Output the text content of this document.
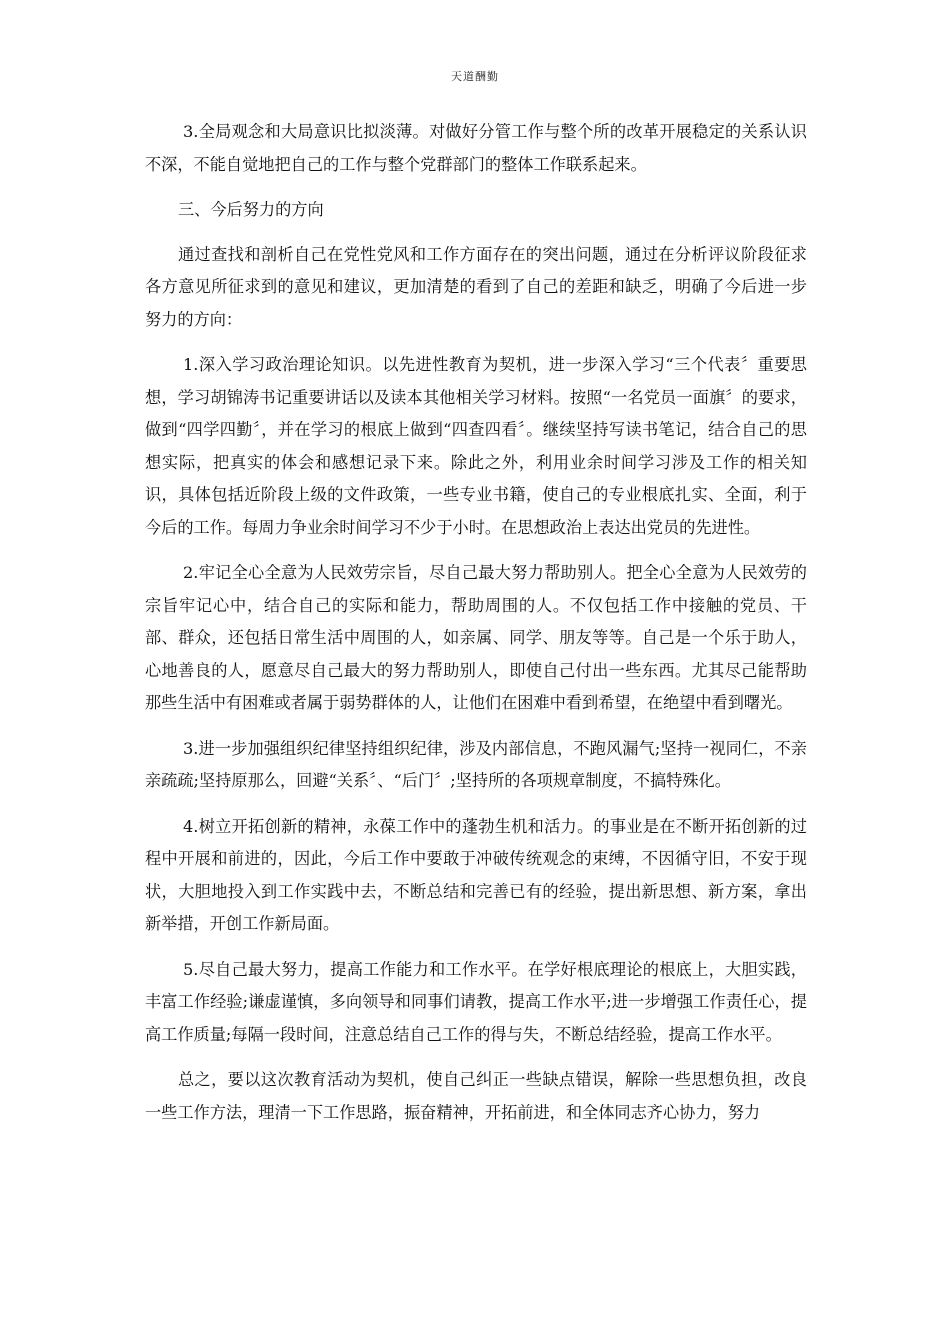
天道酬勤

3.全局观念和大局意识比拟淡薄。对做好分管工作与整个所的改革开展稳定的关系认识不深，不能自觉地把自己的工作与整个党群部门的整体工作联系起来。

三、今后努力的方向

通过查找和剖析自己在党性党风和工作方面存在的突出问题，通过在分析评议阶段征求各方意见所征求到的意见和建议，更加清楚的看到了自己的差距和缺乏，明确了今后进一步努力的方向：

1.深入学习政治理论知识。以先进性教育为契机，进一步深入学习“三个代表〞重要思想，学习胡锦涛书记重要讲话以及读本其他相关学习材料。按照“一名党员一面旗〞的要求，做到“四学四勤〞，并在学习的根底上做到“四查四看〞。继续坚持写读书笔记，结合自己的思想实际，把真实的体会和感想记录下来。除此之外，利用业余时间学习涉及工作的相关知识，具体包括近阶段上级的文件政策，一些专业书籍，使自己的专业根底扎实、全面，利于今后的工作。每周力争业余时间学习不少于小时。在思想政治上表达出党员的先进性。

2.牢记全心全意为人民效劳宗旨，尽自己最大努力帮助别人。把全心全意为人民效劳的宗旨牢记心中，结合自己的实际和能力，帮助周围的人。不仅包括工作中接触的党员、干部、群众，还包括日常生活中周围的人，如亲属、同学、朋友等等。自己是一个乐于助人，心地善良的人，愿意尽自己最大的努力帮助别人，即使自己付出一些东西。尤其尽己能帮助那些生活中有困难或者属于弱势群体的人，让他们在困难中看到希望，在绝望中看到曙光。

3.进一步加强组织纪律坚持组织纪律，涉及内部信息，不跑风漏气;坚持一视同仁，不亲亲疏疏;坚持原那么，回避“关系〞、“后门〞;坚持所的各项规章制度，不搞特殊化。

4.树立开拓创新的精神，永葆工作中的蓬勃生机和活力。的事业是在不断开拓创新的过程中开展和前进的，因此，今后工作中要敢于冲破传统观念的束缚，不因循守旧，不安于现状，大胆地投入到工作实践中去，不断总结和完善已有的经验，提出新思想、新方案，拿出新举措，开创工作新局面。

5.尽自己最大努力，提高工作能力和工作水平。在学好根底理论的根底上，大胆实践，丰富工作经验;谦虚谨慎，多向领导和同事们请教，提高工作水平;进一步增强工作责任心，提高工作质量;每隔一段时间，注意总结自己工作的得与失，不断总结经验，提高工作水平。

总之，要以这次教育活动为契机，使自己纠正一些缺点错误，解除一些思想负担，改良一些工作方法，理清一下工作思路，振奋精神，开拓前进，和全体同志齐心协力，努力
